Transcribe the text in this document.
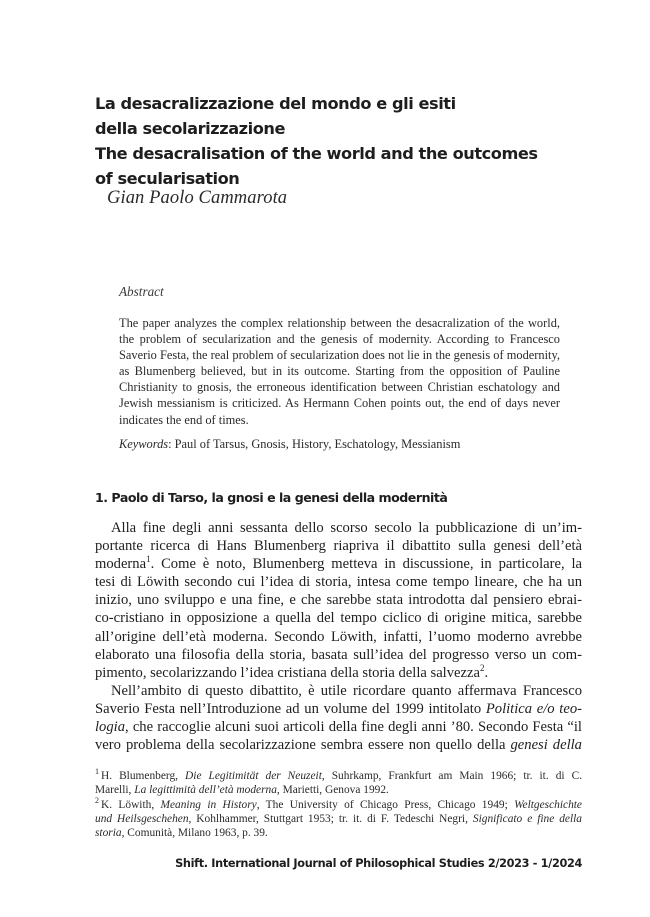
La desacralizzazione del mondo e gli esiti
della secolarizzazione
The desacralisation of the world and the outcomes
of secularisation
Gian Paolo Cammarota
Abstract
The paper analyzes the complex relationship between the desacralization of the world, the problem of secularization and the genesis of modernity. According to Francesco Saverio Festa, the real problem of secularization does not lie in the genesis of modernity, as Blumenberg believed, but in its outcome. Starting from the opposition of Pauline Christianity to gnosis, the erroneous identification between Christian eschatology and Jewish messianism is criticized. As Hermann Cohen points out, the end of days never indicates the end of times.
Keywords: Paul of Tarsus, Gnosis, History, Eschatology, Messianism
1. Paolo di Tarso, la gnosi e la genesi della modernità
Alla fine degli anni sessanta dello scorso secolo la pubblicazione di un’im-
portante ricerca di Hans Blumenberg riapriva il dibattito sulla genesi dell’età
moderna$^1$. Come è noto, Blumenberg metteva in discussione, in particolare, la
tesi di Löwith secondo cui l’idea di storia, intesa come tempo lineare, che ha un
inizio, uno sviluppo e una fine, e che sarebbe stata introdotta dal pensiero ebrai-
co-cristiano in opposizione a quella del tempo ciclico di origine mitica, sarebbe
all’origine dell’età moderna. Secondo Löwith, infatti, l’uomo moderno avrebbe
elaborato una filosofia della storia, basata sull’idea del progresso verso un com-
pimento, secolarizzando l’idea cristiana della storia della salvezza$^2$.
Nell’ambito di questo dibattito, è utile ricordare quanto affermava Francesco
Saverio Festa nell’Introduzione ad un volume del 1999 intitolato Politica e/o teo-
logia, che raccoglie alcuni suoi articoli della fine degli anni ’80. Secondo Festa “il
vero problema della secolarizzazione sembra essere non quello della genesi della
$^1$ H. Blumenberg, Die Legitimität der Neuzeit, Suhrkamp, Frankfurt am Main 1966; tr. it. di C.
Marelli, La legittimità dell’età moderna, Marietti, Genova 1992.
$^2$ K. Löwith, Meaning in History, The University of Chicago Press, Chicago 1949; Weltgeschichte
und Heilsgeschehen, Kohlhammer, Stuttgart 1953; tr. it. di F. Tedeschi Negri, Significato e fine della
storia, Comunità, Milano 1963, p. 39.
Shift. International Journal of Philosophical Studies 2/2023 - 1/2024
